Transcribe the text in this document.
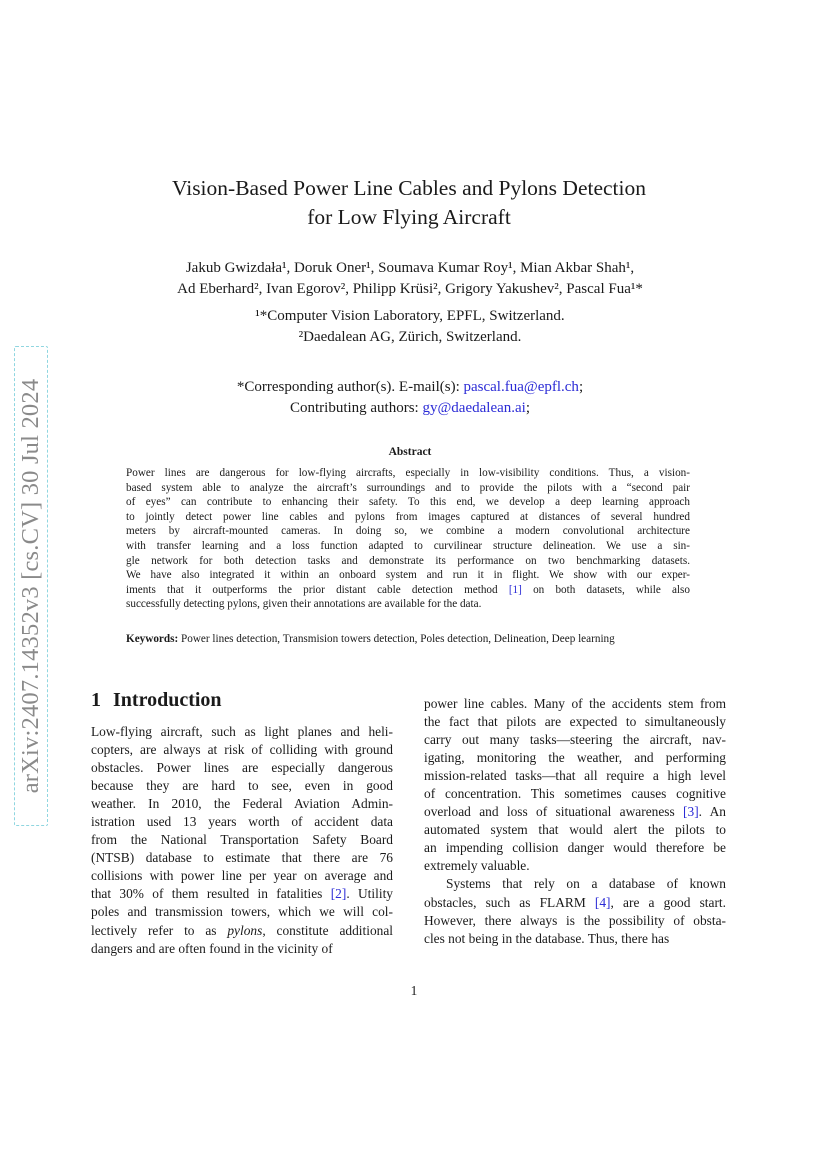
arXiv:2407.14352v3 [cs.CV] 30 Jul 2024
Vision-Based Power Line Cables and Pylons Detection
for Low Flying Aircraft
Jakub Gwizdała¹, Doruk Oner¹, Soumava Kumar Roy¹, Mian Akbar Shah¹,
Ad Eberhard², Ivan Egorov², Philipp Krüsi², Grigory Yakushev², Pascal Fua¹*
¹*Computer Vision Laboratory, EPFL, Switzerland.
²Daedalean AG, Zürich, Switzerland.
*Corresponding author(s). E-mail(s): pascal.fua@epfl.ch;
Contributing authors: gy@daedalean.ai;
Abstract
Power lines are dangerous for low-flying aircrafts, especially in low-visibility conditions. Thus, a vision-
based system able to analyze the aircraft’s surroundings and to provide the pilots with a “second pair
of eyes” can contribute to enhancing their safety. To this end, we develop a deep learning approach
to jointly detect power line cables and pylons from images captured at distances of several hundred
meters by aircraft-mounted cameras. In doing so, we combine a modern convolutional architecture
with transfer learning and a loss function adapted to curvilinear structure delineation. We use a sin-
gle network for both detection tasks and demonstrate its performance on two benchmarking datasets.
We have also integrated it within an onboard system and run it in flight. We show with our exper-
iments that it outperforms the prior distant cable detection method [1] on both datasets, while also
successfully detecting pylons, given their annotations are available for the data.
Keywords: Power lines detection, Transmision towers detection, Poles detection, Delineation, Deep learning
1 Introduction
Low-flying aircraft, such as light planes and heli-
copters, are always at risk of colliding with ground
obstacles. Power lines are especially dangerous
because they are hard to see, even in good
weather. In 2010, the Federal Aviation Admin-
istration used 13 years worth of accident data
from the National Transportation Safety Board
(NTSB) database to estimate that there are 76
collisions with power line per year on average and
that 30% of them resulted in fatalities [2]. Utility
poles and transmission towers, which we will col-
lectively refer to as pylons, constitute additional
dangers and are often found in the vicinity of
power line cables. Many of the accidents stem from
the fact that pilots are expected to simultaneously
carry out many tasks—steering the aircraft, nav-
igating, monitoring the weather, and performing
mission-related tasks—that all require a high level
of concentration. This sometimes causes cognitive
overload and loss of situational awareness [3]. An
automated system that would alert the pilots to
an impending collision danger would therefore be
extremely valuable.
Systems that rely on a database of known
obstacles, such as FLARM [4], are a good start.
However, there always is the possibility of obsta-
cles not being in the database. Thus, there has
1
